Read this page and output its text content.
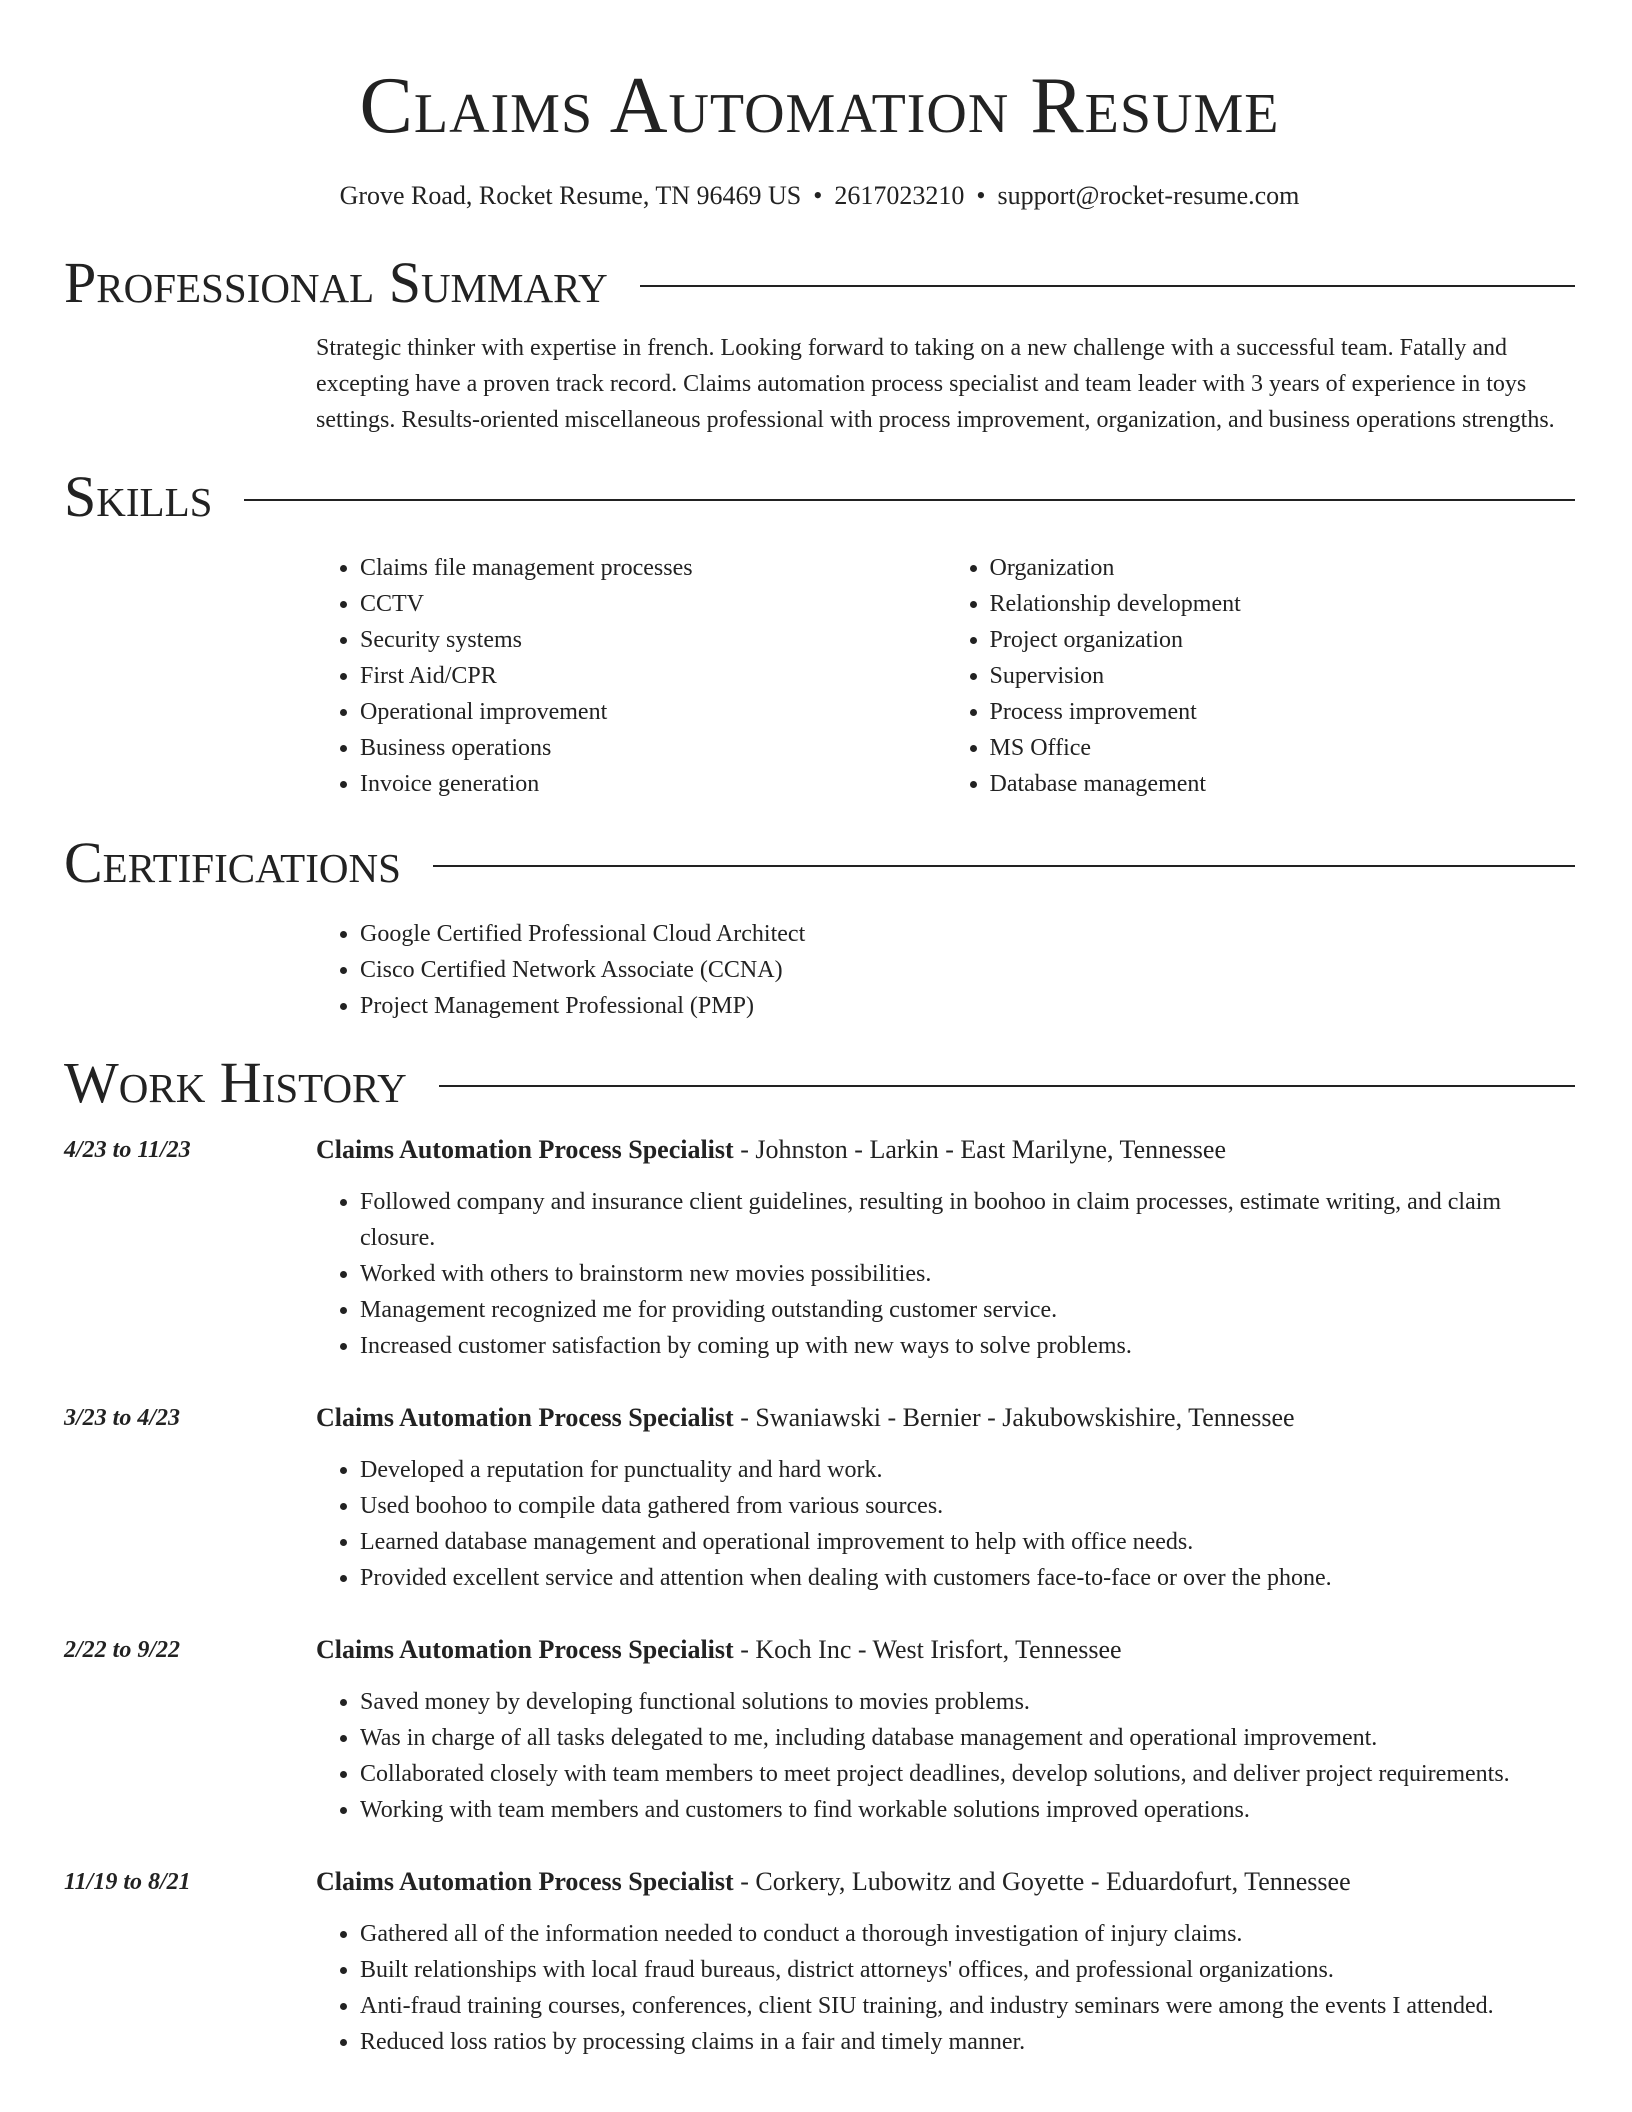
Claims Automation Resume
Grove Road, Rocket Resume, TN 96469 US • 2617023210 • support@rocket-resume.com
Professional Summary

Strategic thinker with expertise in french. Looking forward to taking on a new challenge with a successful team. Fatally and excepting have a proven track record. Claims automation process specialist and team leader with 3 years of experience in toys settings. Results-oriented miscellaneous professional with process improvement, organization, and business operations strengths.

Skills
• Claims file management processes
• CCTV
• Security systems
• First Aid/CPR
• Operational improvement
• Business operations
• Invoice generation
• Organization
• Relationship development
• Project organization
• Supervision
• Process improvement
• MS Office
• Database management
Certifications
• Google Certified Professional Cloud Architect
• Cisco Certified Network Associate (CCNA)
• Project Management Professional (PMP)
Work History
4/23 to 11/23	Claims Automation Process Specialist - Johnston - Larkin - East Marilyne, Tennessee
• Followed company and insurance client guidelines, resulting in boohoo in claim processes, estimate writing, and claim closure.
• Worked with others to brainstorm new movies possibilities.
• Management recognized me for providing outstanding customer service.
• Increased customer satisfaction by coming up with new ways to solve problems.
3/23 to 4/23	Claims Automation Process Specialist - Swaniawski - Bernier - Jakubowskishire, Tennessee
• Developed a reputation for punctuality and hard work.
• Used boohoo to compile data gathered from various sources.
• Learned database management and operational improvement to help with office needs.
• Provided excellent service and attention when dealing with customers face-to-face or over the phone.
2/22 to 9/22	Claims Automation Process Specialist - Koch Inc - West Irisfort, Tennessee
• Saved money by developing functional solutions to movies problems.
• Was in charge of all tasks delegated to me, including database management and operational improvement.
• Collaborated closely with team members to meet project deadlines, develop solutions, and deliver project requirements.
• Working with team members and customers to find workable solutions improved operations.
11/19 to 8/21	Claims Automation Process Specialist - Corkery, Lubowitz and Goyette - Eduardofurt, Tennessee
• Gathered all of the information needed to conduct a thorough investigation of injury claims.
• Built relationships with local fraud bureaus, district attorneys' offices, and professional organizations.
• Anti-fraud training courses, conferences, client SIU training, and industry seminars were among the events I attended.
• Reduced loss ratios by processing claims in a fair and timely manner.
